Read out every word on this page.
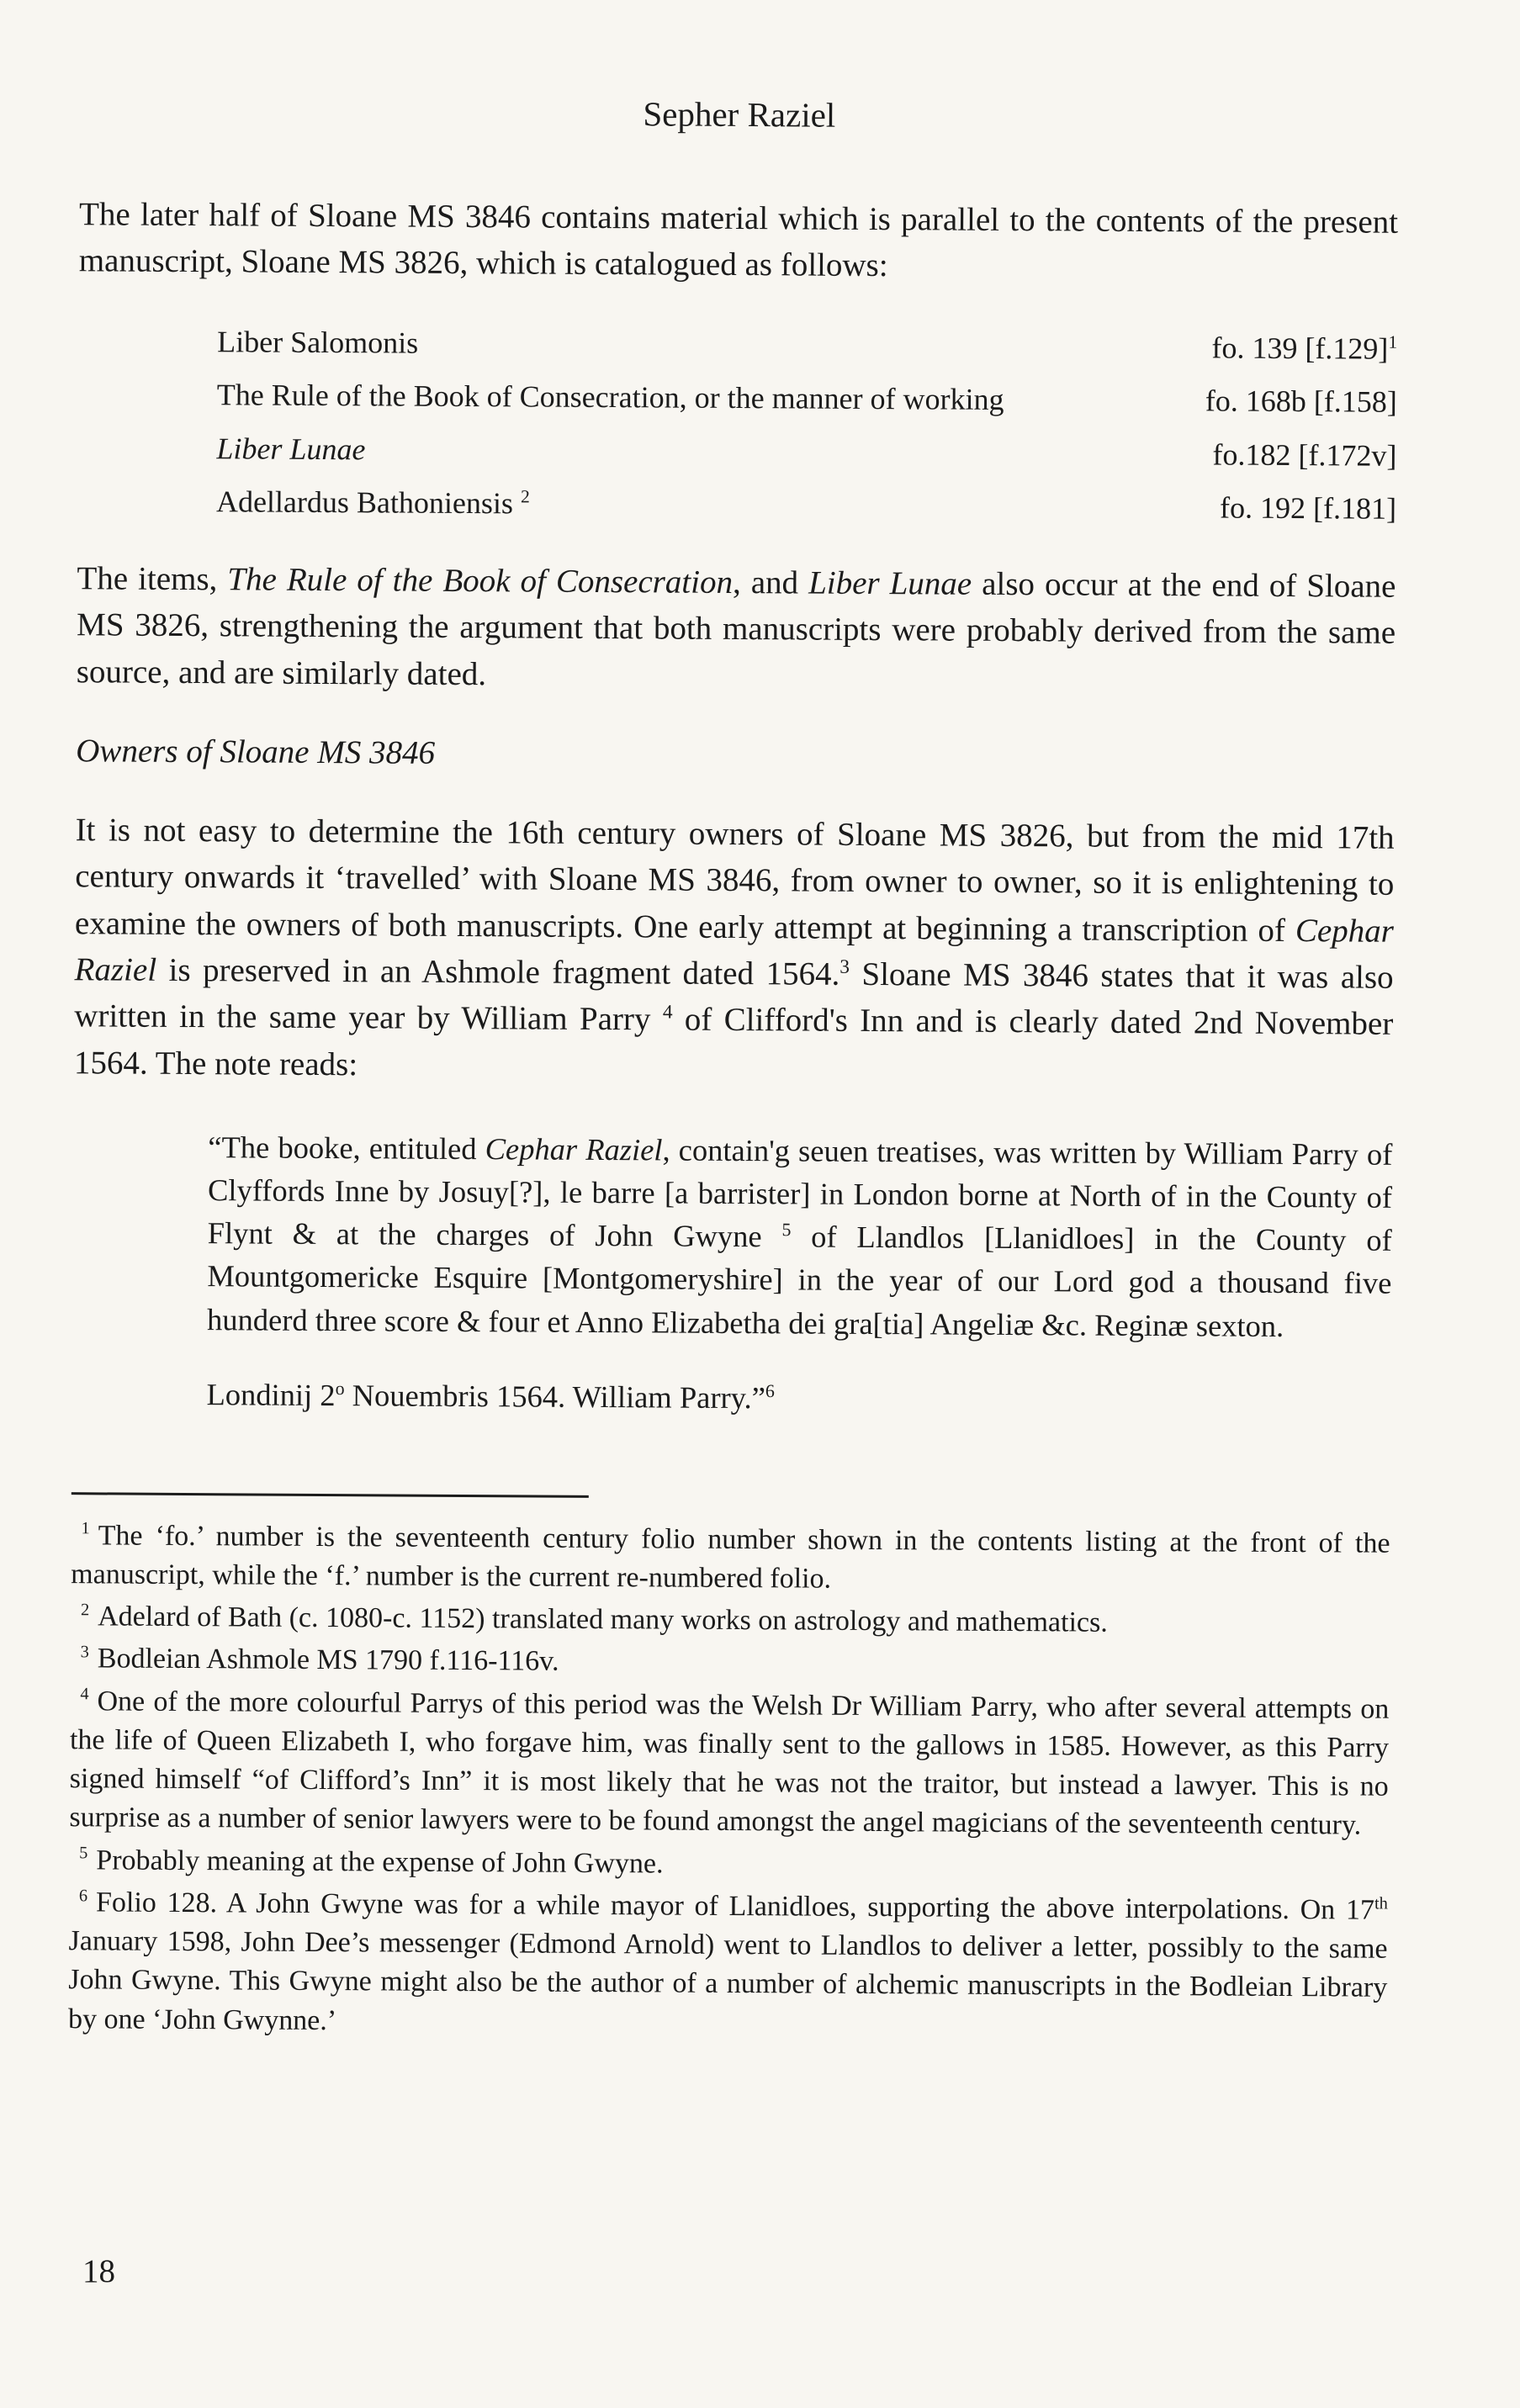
Sepher Raziel

The later half of Sloane MS 3846 contains material which is parallel to the contents of the present manuscript, Sloane MS 3826, which is catalogued as follows:

Liber Salomonis	fo. 139 $[f.129]^1$
The Rule of the Book of Consecration, or the manner of working	fo. 168b [f.158]
Liber Lunae	fo.182 [f.172v]
Adellardus Bathoniensis $^2$	fo. 192 [f.181]

The items, The Rule of the Book of Consecration, and Liber Lunae also occur at the end of Sloane MS 3826, strengthening the argument that both manuscripts were probably derived from the same source, and are similarly dated.

Owners of Sloane MS 3846

It is not easy to determine the 16th century owners of Sloane MS 3826, but from the mid 17th century onwards it ‘travelled’ with Sloane MS 3846, from owner to owner, so it is enlightening to examine the owners of both manuscripts. One early attempt at beginning a transcription of Cephar Raziel is preserved in an Ashmole fragment dated 1564.$^3$ Sloane MS 3846 states that it was also written in the same year by William Parry $^4$ of Clifford's Inn and is clearly dated 2nd November 1564. The note reads:

“The booke, entituled Cephar Raziel, contain'g seuen treatises, was written by William Parry of Clyffords Inne by Josuy[?], le barre [a barrister] in London borne at North of in the County of Flynt & at the charges of John Gwyne $^5$ of Llandlos [Llanidloes] in the County of Mountgomericke Esquire [Montgomeryshire] in the year of our Lord god a thousand five hunderd three score & four et Anno Elizabetha dei gra[tia] Angeliæ &c. Reginæ sexton.

Londinij 2$^o$ Nouembris 1564. William Parry.”$^6$

$^1$ The ‘fo.’ number is the seventeenth century folio number shown in the contents listing at the front of the manuscript, while the ‘f.’ number is the current re-numbered folio.

$^2$ Adelard of Bath (c. 1080-c. 1152) translated many works on astrology and mathematics.

$^3$ Bodleian Ashmole MS 1790 f.116-116v.

$^4$ One of the more colourful Parrys of this period was the Welsh Dr William Parry, who after several attempts on the life of Queen Elizabeth I, who forgave him, was finally sent to the gallows in 1585. However, as this Parry signed himself “of Clifford’s Inn” it is most likely that he was not the traitor, but instead a lawyer. This is no surprise as a number of senior lawyers were to be found amongst the angel magicians of the seventeenth century.

$^5$ Probably meaning at the expense of John Gwyne.

$^6$ Folio 128. A John Gwyne was for a while mayor of Llanidloes, supporting the above interpolations. On 17th January 1598, John Dee’s messenger (Edmond Arnold) went to Llandlos to deliver a letter, possibly to the same John Gwyne. This Gwyne might also be the author of a number of alchemic manuscripts in the Bodleian Library by one ‘John Gwynne.’

18
